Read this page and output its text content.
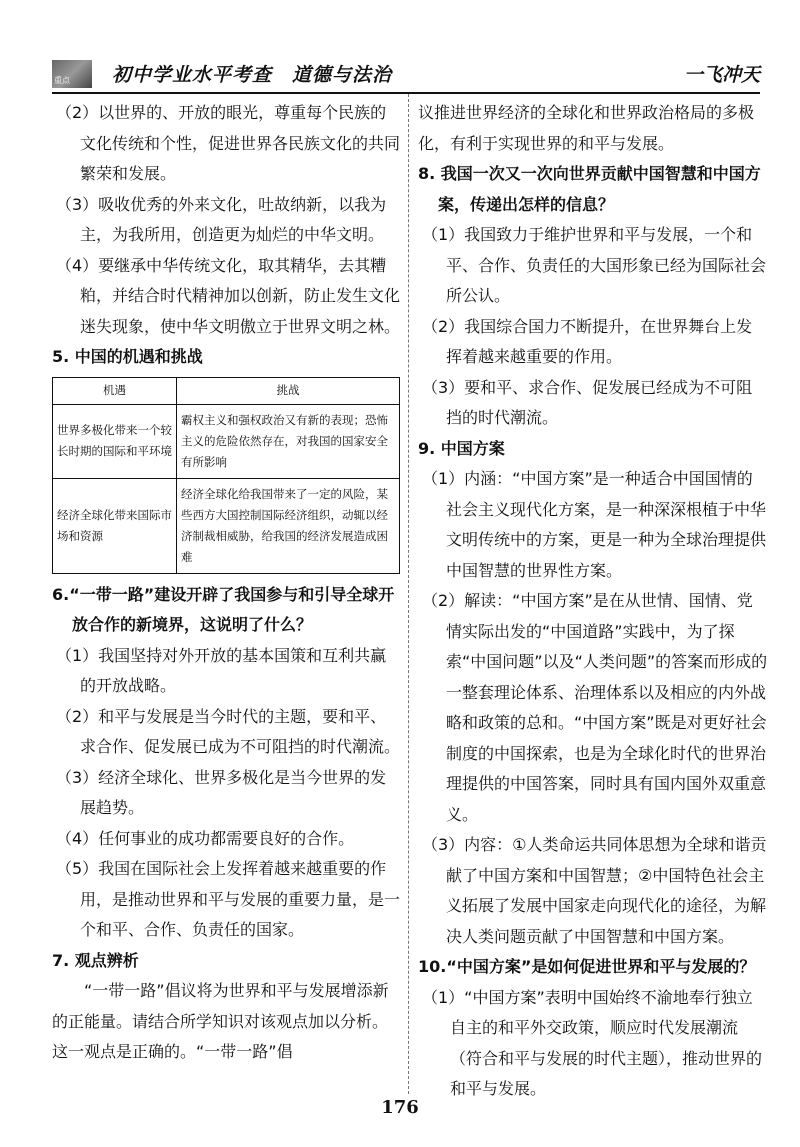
重点 初中学业水平考查　道德与法治	一飞冲天

（2）以世界的、开放的眼光，尊重每个民族的文化传统和个性，促进世界各民族文化的共同繁荣和发展。

（3）吸收优秀的外来文化，吐故纳新，以我为主，为我所用，创造更为灿烂的中华文明。

（4）要继承中华传统文化，取其精华，去其糟粕，并结合时代精神加以创新，防止发生文化迷失现象，使中华文明傲立于世界文明之林。

5. 中国的机遇和挑战

机遇	挑战
世界多极化带来一个较长时期的国际和平环境	霸权主义和强权政治又有新的表现；恐怖主义的危险依然存在，对我国的国家安全有所影响
经济全球化带来国际市场和资源	经济全球化给我国带来了一定的风险，某些西方大国控制国际经济组织，动辄以经济制裁相威胁，给我国的经济发展造成困难

6.“一带一路”建设开辟了我国参与和引导全球开放合作的新境界，这说明了什么？

（1）我国坚持对外开放的基本国策和互利共赢的开放战略。

（2）和平与发展是当今时代的主题，要和平、求合作、促发展已成为不可阻挡的时代潮流。

（3）经济全球化、世界多极化是当今世界的发展趋势。

（4）任何事业的成功都需要良好的合作。

（5）我国在国际社会上发挥着越来越重要的作用，是推动世界和平与发展的重要力量，是一个和平、合作、负责任的国家。

7. 观点辨析

“一带一路”倡议将为世界和平与发展增添新的正能量。请结合所学知识对该观点加以分析。这一观点是正确的。“一带一路”倡

议推进世界经济的全球化和世界政治格局的多极化，有利于实现世界的和平与发展。

8. 我国一次又一次向世界贡献中国智慧和中国方案，传递出怎样的信息？

（1）我国致力于维护世界和平与发展，一个和平、合作、负责任的大国形象已经为国际社会所公认。

（2）我国综合国力不断提升，在世界舞台上发挥着越来越重要的作用。

（3）要和平、求合作、促发展已经成为不可阻挡的时代潮流。

9. 中国方案

（1）内涵：“中国方案”是一种适合中国国情的社会主义现代化方案，是一种深深根植于中华文明传统中的方案，更是一种为全球治理提供中国智慧的世界性方案。

（2）解读：“中国方案”是在从世情、国情、党情实际出发的“中国道路”实践中，为了探索“中国问题”以及“人类问题”的答案而形成的一整套理论体系、治理体系以及相应的内外战略和政策的总和。“中国方案”既是对更好社会制度的中国探索，也是为全球化时代的世界治理提供的中国答案，同时具有国内国外双重意义。

（3）内容：①人类命运共同体思想为全球和谐贡献了中国方案和中国智慧；②中国特色社会主义拓展了发展中国家走向现代化的途径，为解决人类问题贡献了中国智慧和中国方案。

10.“中国方案”是如何促进世界和平与发展的？

（1）“中国方案”表明中国始终不渝地奉行独立自主的和平外交政策，顺应时代发展潮流（符合和平与发展的时代主题），推动世界的和平与发展。

176
